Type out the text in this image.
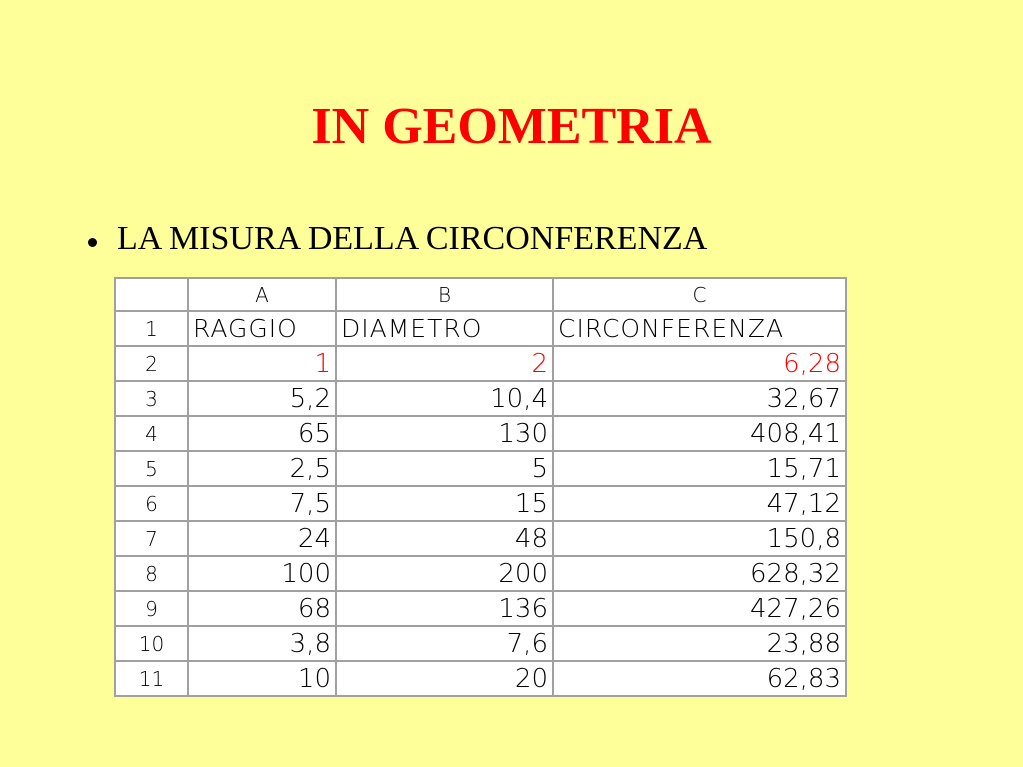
IN GEOMETRIA
LA MISURA DELLA CIRCONFERENZA
	A	B	C
1	RAGGIO	DIAMETRO	CIRCONFERENZA
2	1	2	6,28
3	5,2	10,4	32,67
4	65	130	408,41
5	2,5	5	15,71
6	7,5	15	47,12
7	24	48	150,8
8	100	200	628,32
9	68	136	427,26
10	3,8	7,6	23,88
11	10	20	62,83
